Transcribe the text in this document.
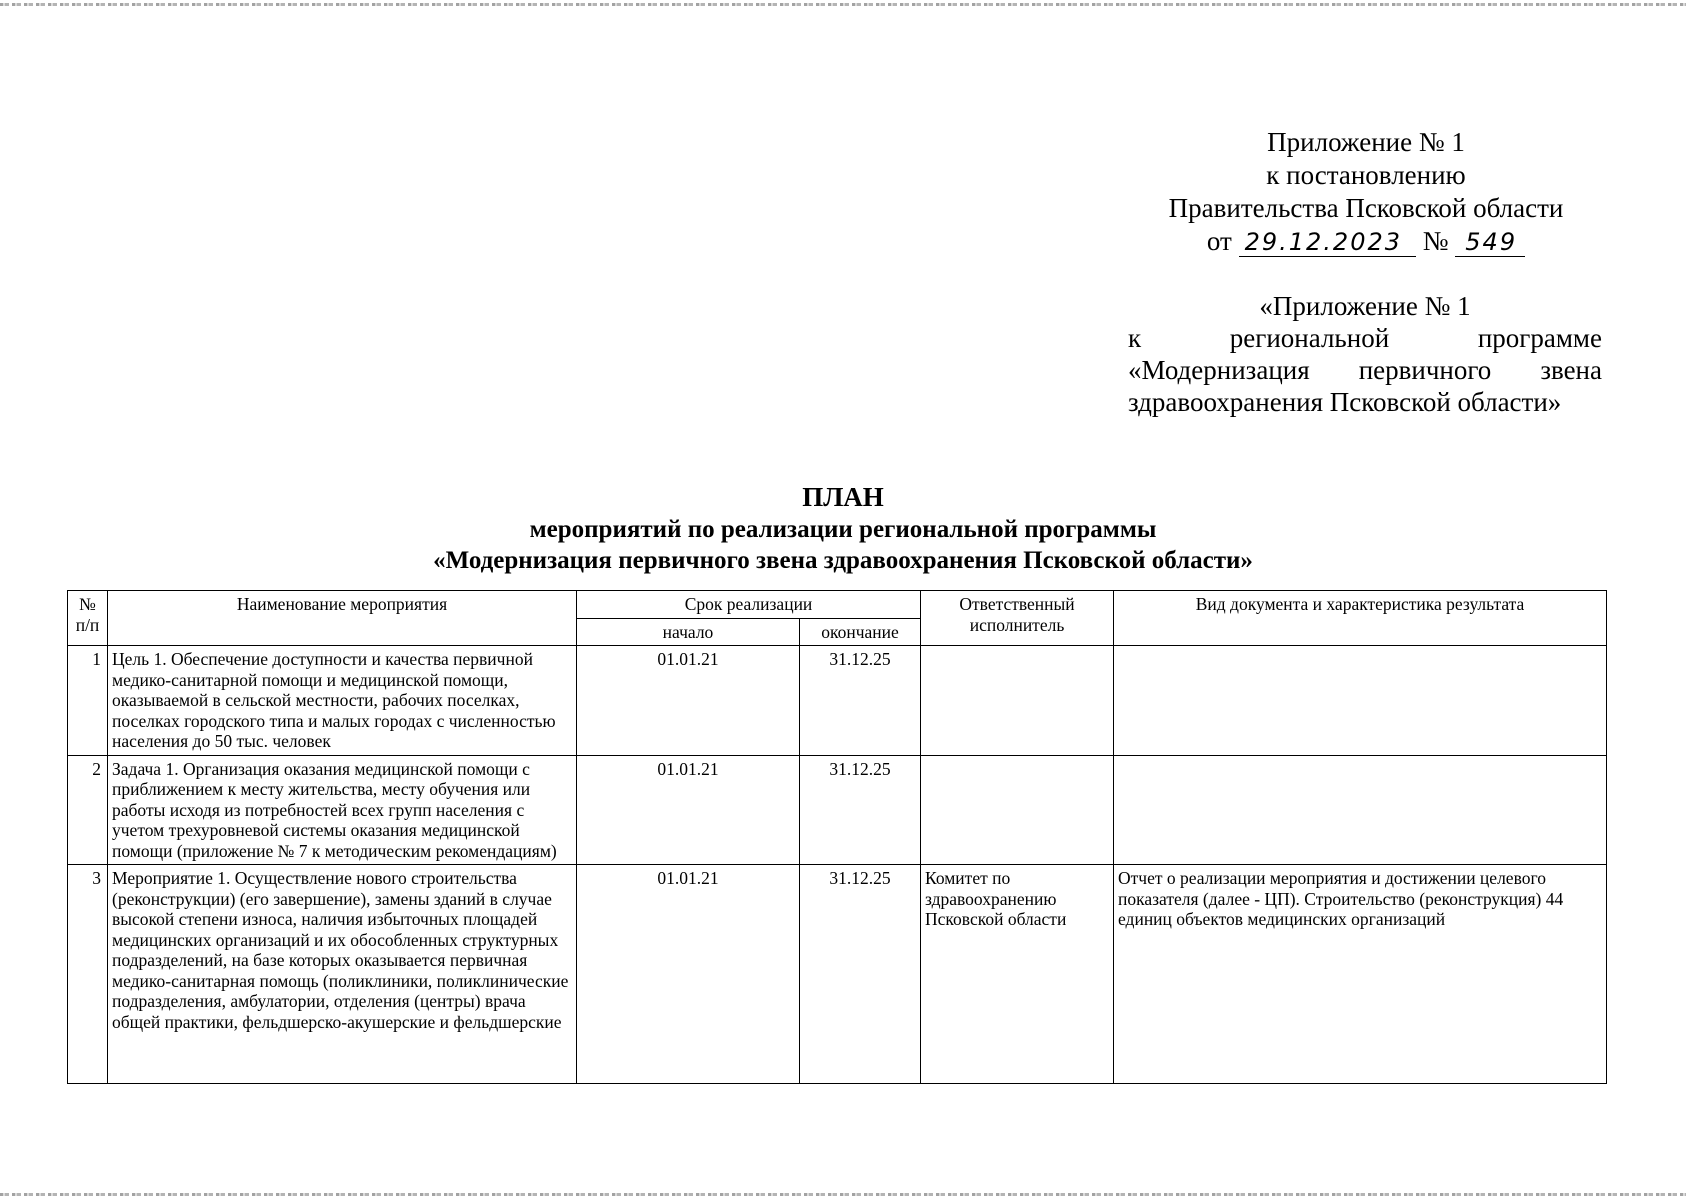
Приложение № 1
к постановлению
Правительства Псковской области
от 29.12.2023 № 549
«Приложение № 1
к	региональной	программе
«Модернизация первичного звена
здравоохранения Псковской области»
ПЛАН
мероприятий по реализации региональной программы
«Модернизация первичного звена здравоохранения Псковской области»
№ п/п	Наименование мероприятия	Срок реализации		Ответственный исполнитель	Вид документа и характеристика результата
		начало	окончание		
1	Цель 1. Обеспечение доступности и качества первичной медико-санитарной помощи и медицинской помощи, оказываемой в сельской местности, рабочих поселках, поселках городского типа и малых городах с численностью населения до 50 тыс. человек	01.01.21	31.12.25		
2	Задача 1. Организация оказания медицинской помощи с приближением к месту жительства, месту обучения или работы исходя из потребностей всех групп населения с учетом трехуровневой системы оказания медицинской помощи (приложение № 7 к методическим рекомендациям)	01.01.21	31.12.25		
3	Мероприятие 1. Осуществление нового строительства (реконструкции) (его завершение), замены зданий в случае высокой степени износа, наличия избыточных площадей медицинских организаций и их обособленных структурных подразделений, на базе которых оказывается первичная медико-санитарная помощь (поликлиники, поликлинические подразделения, амбулатории, отделения (центры) врача общей практики, фельдшерско-акушерские и фельдшерские	01.01.21	31.12.25	Комитет по здравоохранению Псковской области	Отчет о реализации мероприятия и достижении целевого показателя (далее - ЦП). Строительство (реконструкция) 44 единиц объектов медицинских организаций
